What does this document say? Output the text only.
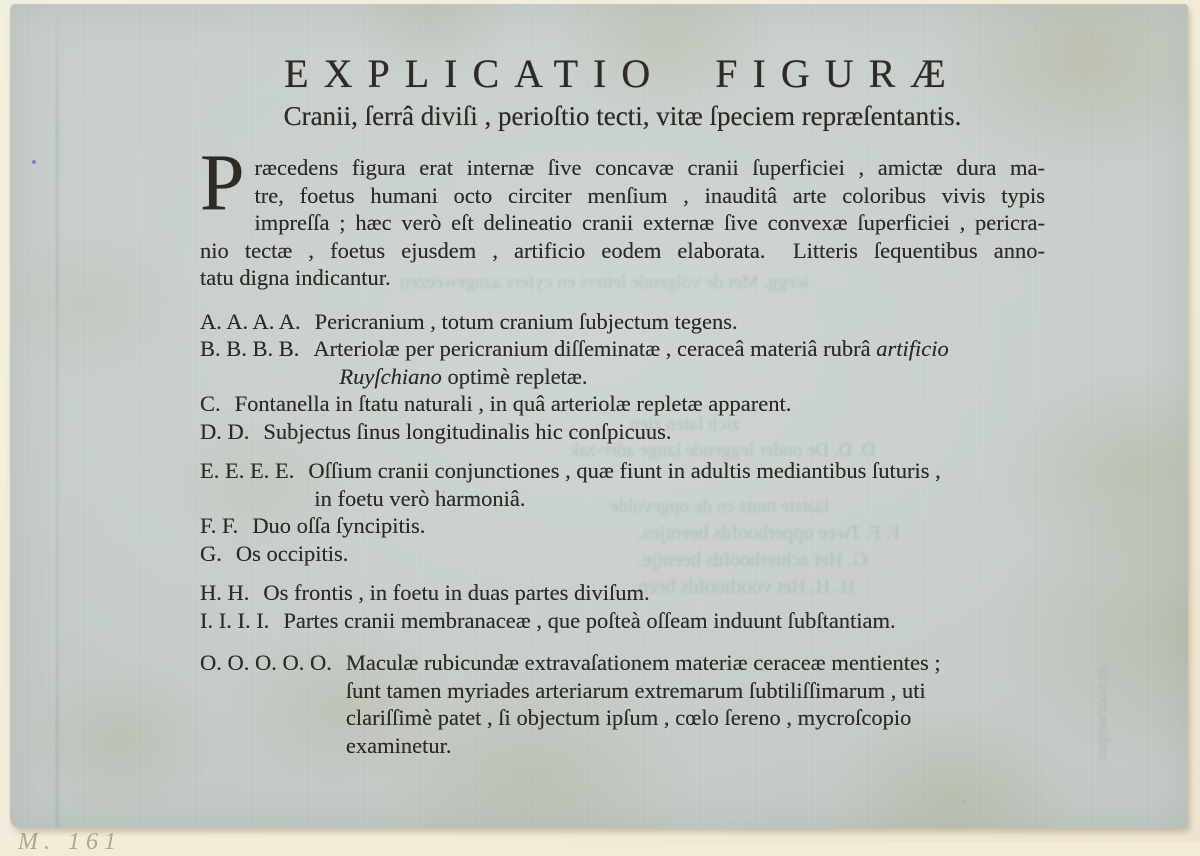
wegg. Met de volgende letters en cyfers aangeweezen
zich laten zien
D. D. De onder leggende lange ader-zak
laatste muts en de opgevulde
F. F. Twee opperhoofds beentjes.
G. Het achterhoofds beentje.
H. H. Het voorhoofds been
de voorwerpen
EXPLICATIO FIGURÆ
Cranii, ſerrâ diviſi , perioſtio tecti, vitæ ſpeciem repræſentantis.
P ræcedens figura erat internæ ſive concavæ cranii ſuperficiei , amictæ dura ma-
tre, foetus humani octo circiter menſium , inauditâ arte coloribus vivis typis
impreſſa ; hæc verò eſt delineatio cranii externæ ſive convexæ ſuperficiei , pericra-
nio tectæ , foetus ejusdem , artificio eodem elaborata.  Litteris ſequentibus anno-
tatu digna indicantur.
A. A. A. A. Pericranium , totum cranium ſubjectum tegens.
B. B. B. B. Arteriolæ per pericranium diſſeminatæ , ceraceâ materiâ rubrâ artificio
Ruyſchiano optimè repletæ.
C. Fontanella in ſtatu naturali , in quâ arteriolæ repletæ apparent.
D. D. Subjectus ſinus longitudinalis hic conſpicuus.
E. E. E. E. Oſſium cranii conjunctiones , quæ fiunt in adultis mediantibus ſuturis ,
in foetu verò harmoniâ.
F. F. Duo oſſa ſyncipitis.
G. Os occipitis.
H. H. Os frontis , in foetu in duas partes diviſum.
I. I. I. I. Partes cranii membranaceæ , que poſteà oſſeam induunt ſubſtantiam.
O. O. O. O. O. Maculæ rubicundæ extravaſationem materiæ ceraceæ mentientes ;
ſunt tamen myriades arteriarum extremarum ſubtiliſſimarum , uti
clariſſimè patet , ſi objectum ipſum , cœlo ſereno , mycroſcopio
examinetur.
M. 161
